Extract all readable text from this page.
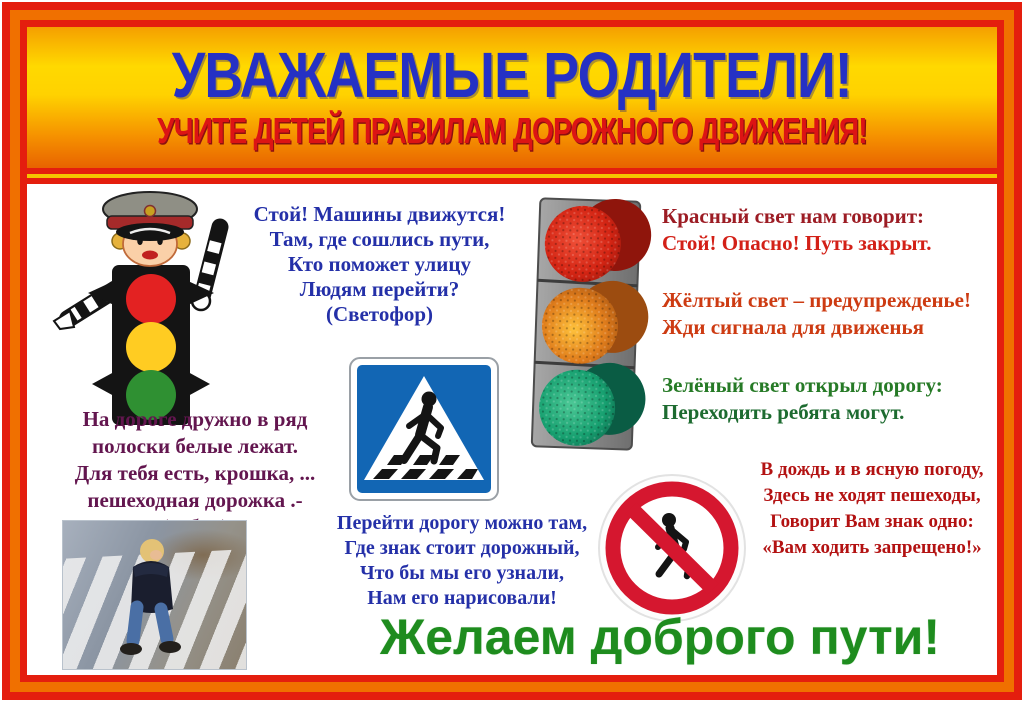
УВАЖАЕМЫЕ РОДИТЕЛИ!
УЧИТЕ ДЕТЕЙ ПРАВИЛАМ ДОРОЖНОГО ДВИЖЕНИЯ!
Стой! Машины движутся!
Там, где сошлись пути,
Кто поможет улицу
Людям перейти?
(Светофор)
Красный свет нам говорит:
Стой! Опасно! Путь закрыт.
Жёлтый свет – предупрежденье!
Жди сигнала для движенья
Зелёный свет открыл дорогу:
Переходить ребята могут.
На дороге дружно в ряд
полоски белые лежат.
Для тебя есть, крошка, ...
пешеходная дорожка .-
Перейти дорогу можно там,
Где знак стоит дорожный,
Что бы мы его узнали,
Нам его нарисовали!
В дождь и в ясную погоду,
Здесь не ходят пешеходы,
Говорит Вам знак одно:
«Вам ходить запрещено!»
Желаем доброго пути!
